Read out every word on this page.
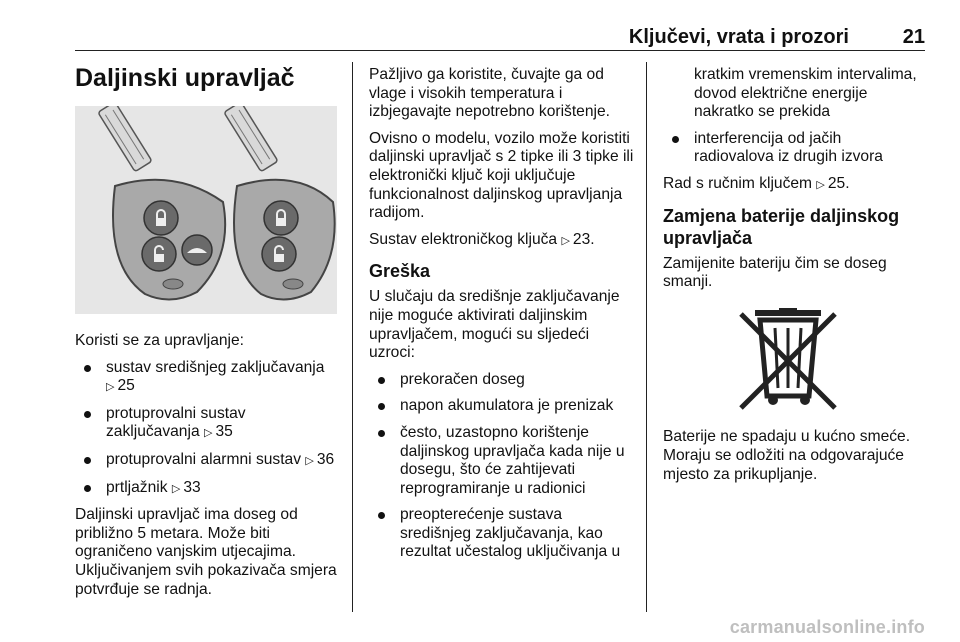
Ključevi, vrata i prozori	21
Daljinski upravljač

Koristi se za upravljanje:

sustav središnjeg zaključavanja ▷ 25
protuprovalni sustav zaključavanja ▷ 35
protuprovalni alarmni sustav ▷ 36
prtljažnik ▷ 33

Daljinski upravljač ima doseg od približno 5 metara. Može biti ograničeno vanjskim utjecajima. Uključivanjem svih pokazivača smjera potvrđuje se radnja.

Pažljivo ga koristite, čuvajte ga od vlage i visokih temperatura i izbjegavajte nepotrebno korištenje.

Ovisno o modelu, vozilo može koristiti daljinski upravljač s 2 tipke ili 3 tipke ili elektronički ključ koji uključuje funkcionalnost daljinskog upravljanja radijom.

Sustav elektroničkog ključa ▷ 23.

Greška

U slučaju da središnje zaključavanje nije moguće aktivirati daljinskim upravljačem, mogući su sljedeći uzroci:

prekoračen doseg
napon akumulatora je prenizak
često, uzastopno korištenje daljinskog upravljača kada nije u dosegu, što će zahtijevati reprogramiranje u radionici
preopterećenje sustava središnjeg zaključavanja, kao rezultat učestalog uključivanja u
kratkim vremenskim intervalima, dovod električne energije nakratko se prekida
interferencija od jačih radiovalova iz drugih izvora

Rad s ručnim ključem ▷ 25.

Zamjena baterije daljinskog upravljača

Zamijenite bateriju čim se doseg smanji.

Baterije ne spadaju u kućno smeće. Moraju se odložiti na odgovarajuće mjesto za prikupljanje.

carmanualsonline.info
